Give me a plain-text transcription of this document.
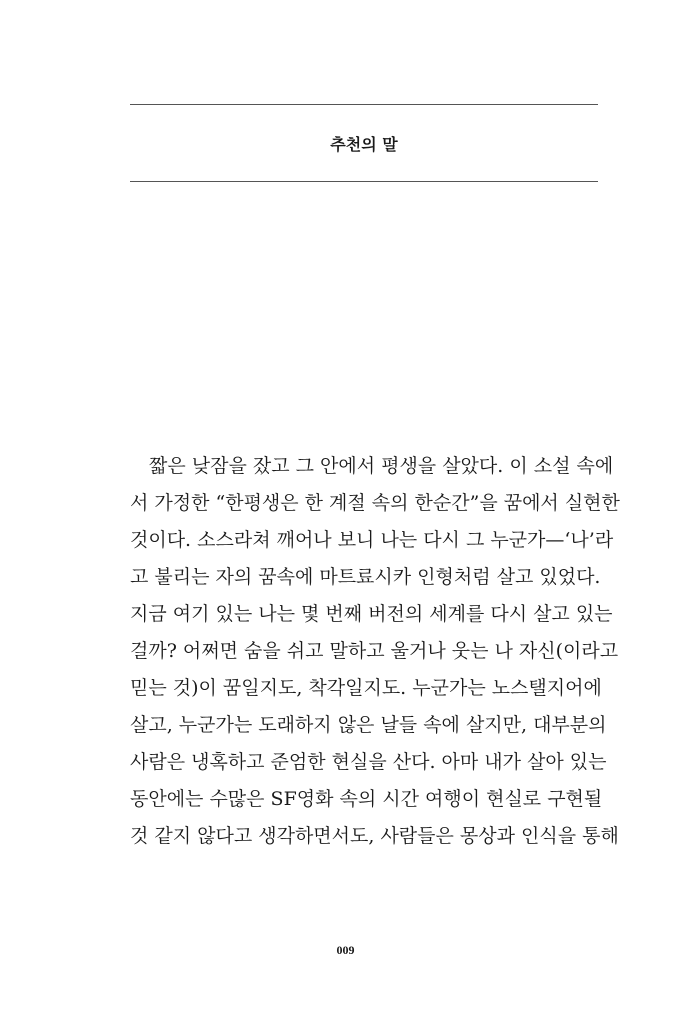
추천의 말
짧은 낮잠을 잤고 그 안에서 평생을 살았다. 이 소설 속에
서 가정한 “한평생은 한 계절 속의 한순간”을 꿈에서 실현한
것이다. 소스라쳐 깨어나 보니 나는 다시 그 누군가—‘나’라
고 불리는 자의 꿈속에 마트료시카 인형처럼 살고 있었다.
지금 여기 있는 나는 몇 번째 버전의 세계를 다시 살고 있는
걸까? 어쩌면 숨을 쉬고 말하고 울거나 웃는 나 자신(이라고
믿는 것)이 꿈일지도, 착각일지도. 누군가는 노스탤지어에
살고, 누군가는 도래하지 않은 날들 속에 살지만, 대부분의
사람은 냉혹하고 준엄한 현실을 산다. 아마 내가 살아 있는
동안에는 수많은 SF영화 속의 시간 여행이 현실로 구현될
것 같지 않다고 생각하면서도, 사람들은 몽상과 인식을 통해
009
